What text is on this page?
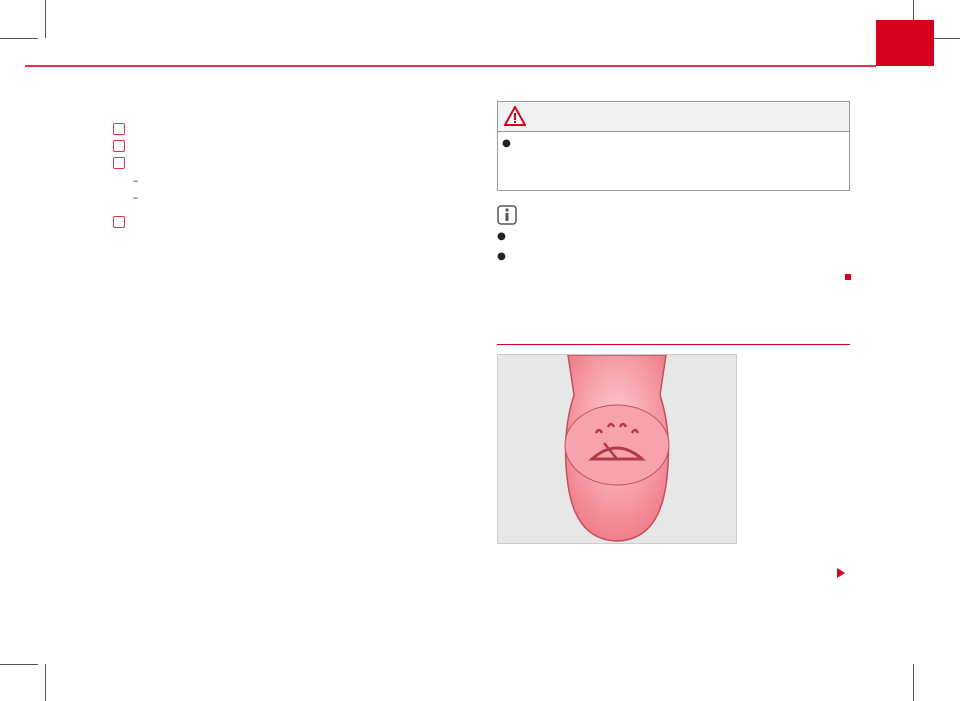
–
–
●
●
●
